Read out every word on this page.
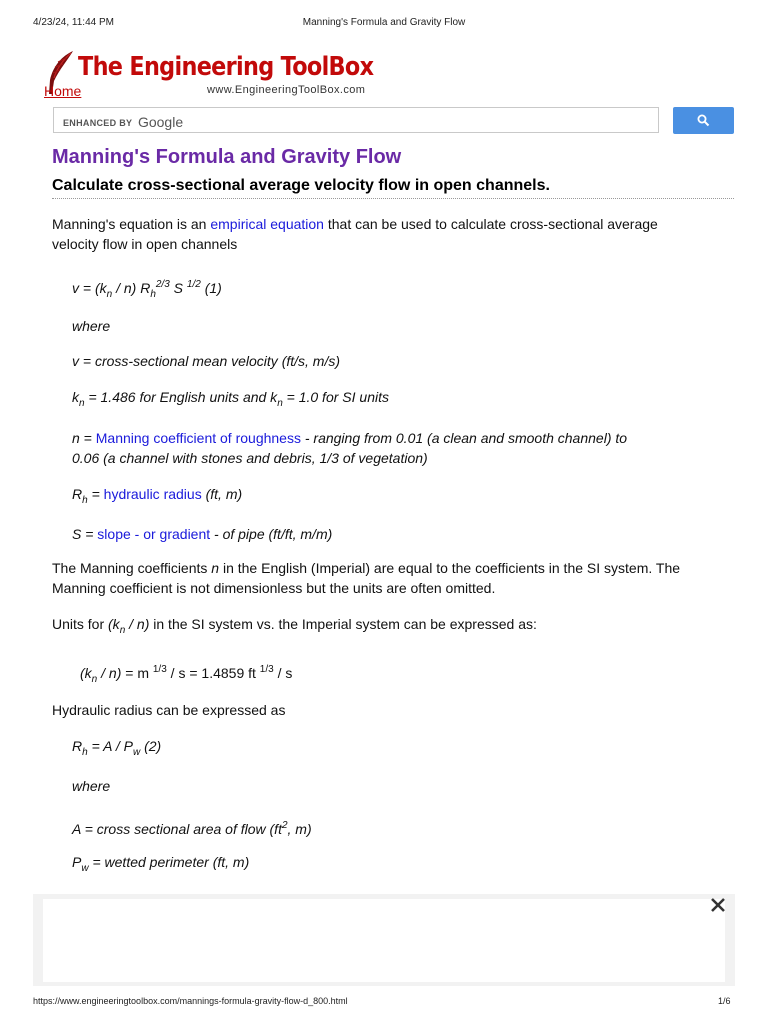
4/23/24, 11:44 PM	Manning's Formula and Gravity Flow
The Engineering ToolBox
Home	www.EngineeringToolBox.com
ENHANCED BY Google
Manning's Formula and Gravity Flow
Calculate cross-sectional average velocity flow in open channels.
Manning's equation is an empirical equation that can be used to calculate cross-sectional average
velocity flow in open channels
$v = (k_n / n)$ $R_h^{2/3}$ S $^{1/2}$ (1)
where
v = cross-sectional mean velocity (ft/s, m/s)
$k_n = 1.486$ for English units and $k_n = 1.0$ for SI units
n = Manning coefficient of roughness - ranging from 0.01 (a clean and smooth channel) to
0.06 (a channel with stones and debris, 1/3 of vegetation)
$R_h$ = hydraulic radius (ft, m)
S = slope - or gradient - of pipe (ft/ft, m/m)
The Manning coefficients n in the English (Imperial) are equal to the coefficients in the SI system. The
Manning coefficient is not dimensionless but the units are often omitted.
Units for $(k_n / n)$ in the SI system vs. the Imperial system can be expressed as:
$(k_n / n) = m$ $^{1/3}$ / s = 1.4859 ft $^{1/3}$ / s
Hydraulic radius can be expressed as
$R_h = A / P_w$ (2)
where
A = cross sectional area of flow ($ft^2$, m)
$P_w$ = wetted perimeter (ft, m)
https://www.engineeringtoolbox.com/mannings-formula-gravity-flow-d_800.html	1/6
